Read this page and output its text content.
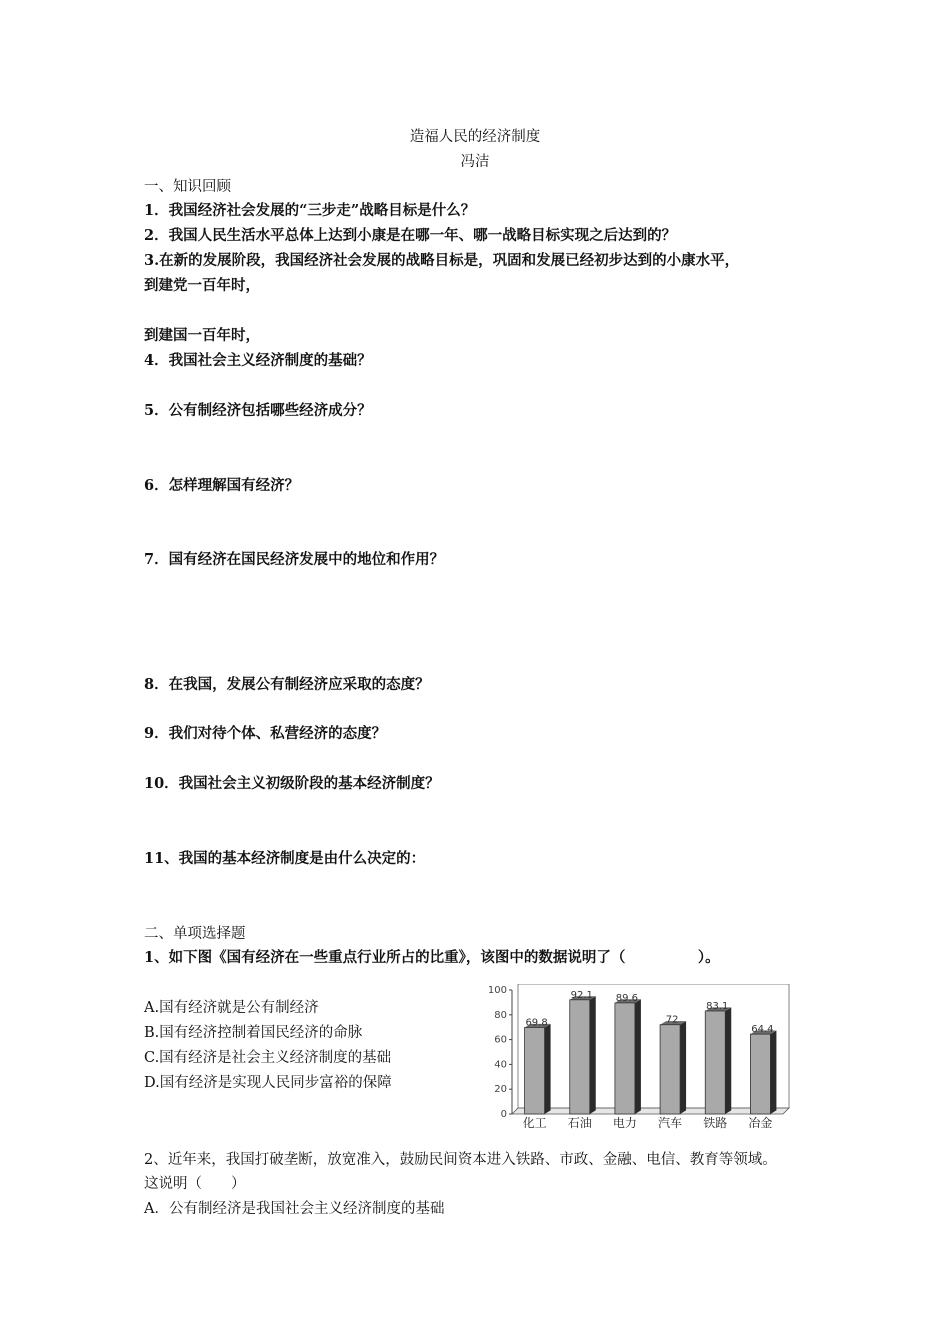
造福人民的经济制度
冯洁
一、知识回顾
1．我国经济社会发展的“三步走”战略目标是什么？
2．我国人民生活水平总体上达到小康是在哪一年、哪一战略目标实现之后达到的？
3.在新的发展阶段，我国经济社会发展的战略目标是，巩固和发展已经初步达到的小康水平，
到建党一百年时，
到建国一百年时，
4．我国社会主义经济制度的基础？
5．公有制经济包括哪些经济成分？
6．怎样理解国有经济？
7．国有经济在国民经济发展中的地位和作用？
8．在我国，发展公有制经济应采取的态度？
9．我们对待个体、私营经济的态度？
10．我国社会主义初级阶段的基本经济制度？
11、我国的基本经济制度是由什么决定的：
二、单项选择题
1、如下图《国有经济在一些重点行业所占的比重》，该图中的数据说明了（　　　　　）。
A.国有经济就是公有制经济
B.国有经济控制着国民经济的命脉
C.国有经济是社会主义经济制度的基础
D.国有经济是实现人民同步富裕的保障
0
20
40
60
80
100
69.8
化工
92.1
石油
89.6
电力
72
汽车
83.1
铁路
64.4
冶金
2、近年来，我国打破垄断，放宽准入，鼓励民间资本进入铁路、市政、金融、电信、教育等领域。
这说明（　　）
A．公有制经济是我国社会主义经济制度的基础
